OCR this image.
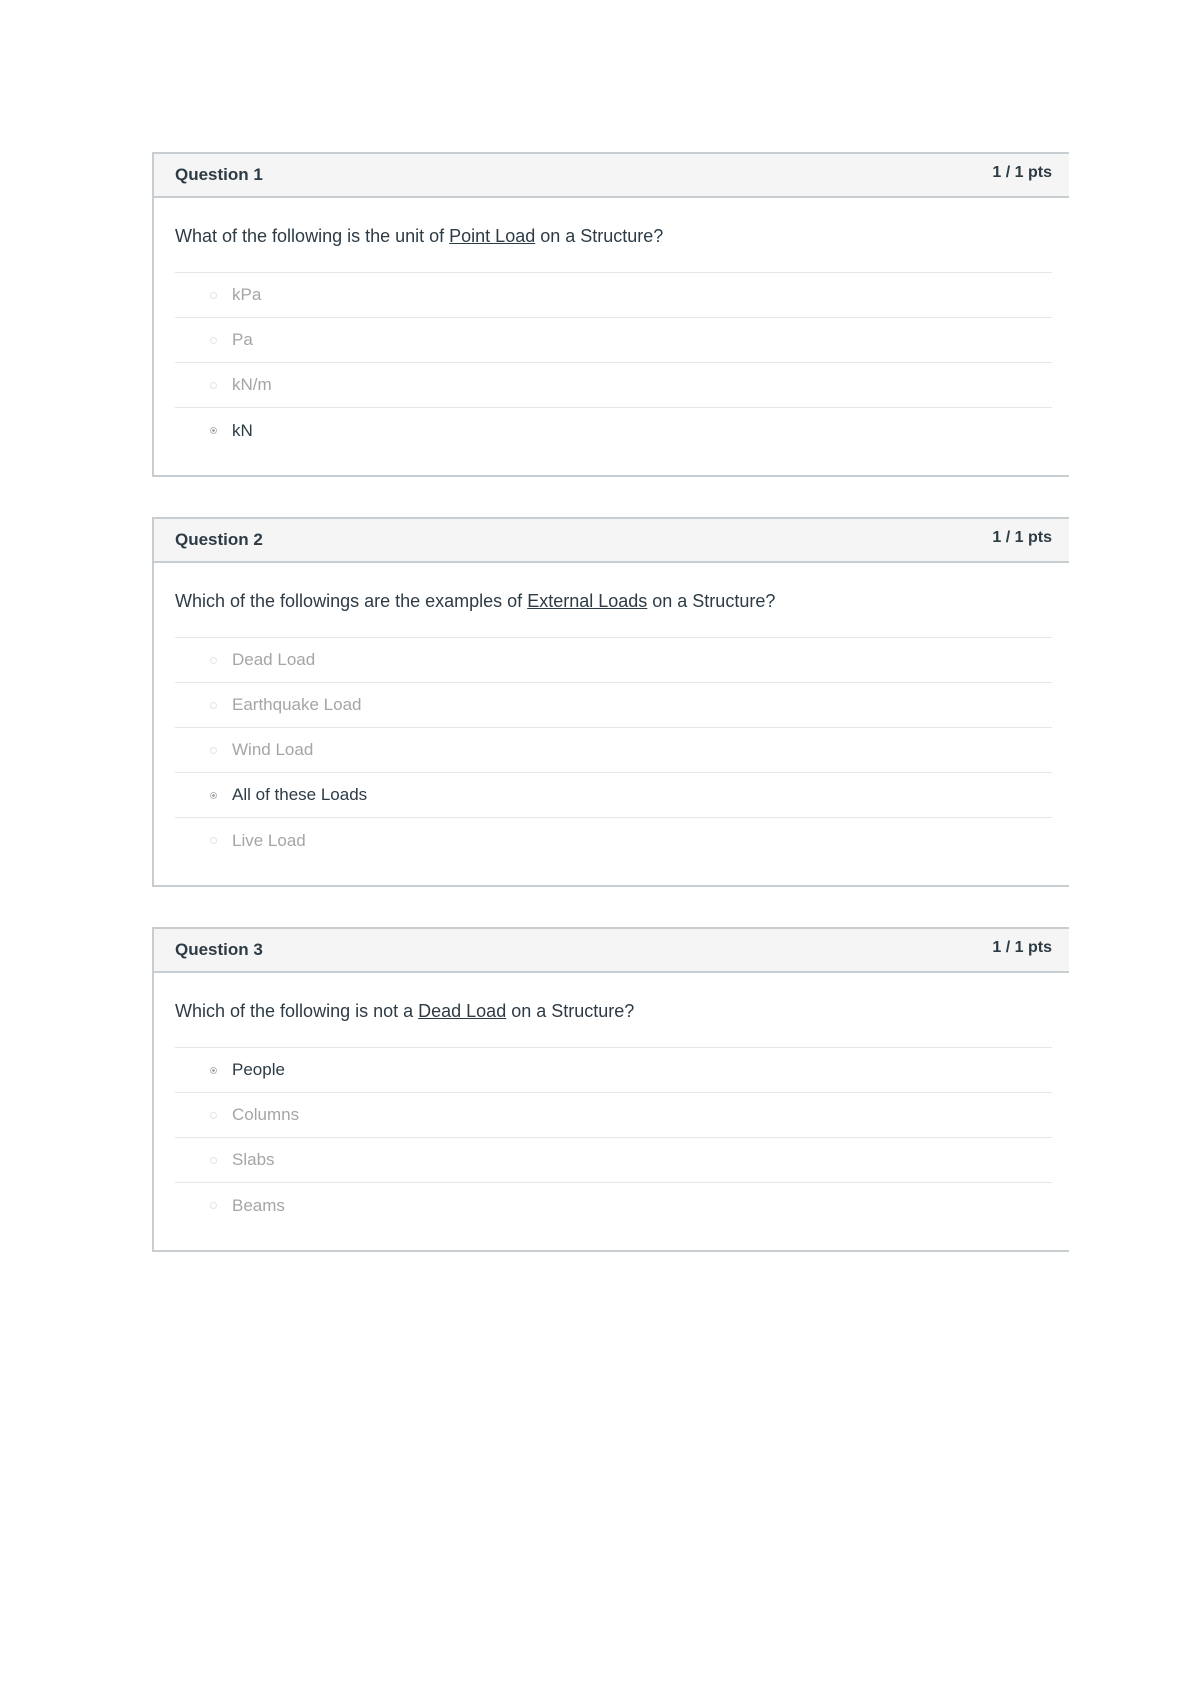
Question 1	1 / 1 pts
What of the following is the unit of Point Load on a Structure?
kPa
Pa
kN/m
kN
Question 2	1 / 1 pts
Which of the followings are the examples of External Loads on a Structure?
Dead Load
Earthquake Load
Wind Load
All of these Loads
Live Load
Question 3	1 / 1 pts
Which of the following is not a Dead Load on a Structure?
People
Columns
Slabs
Beams
